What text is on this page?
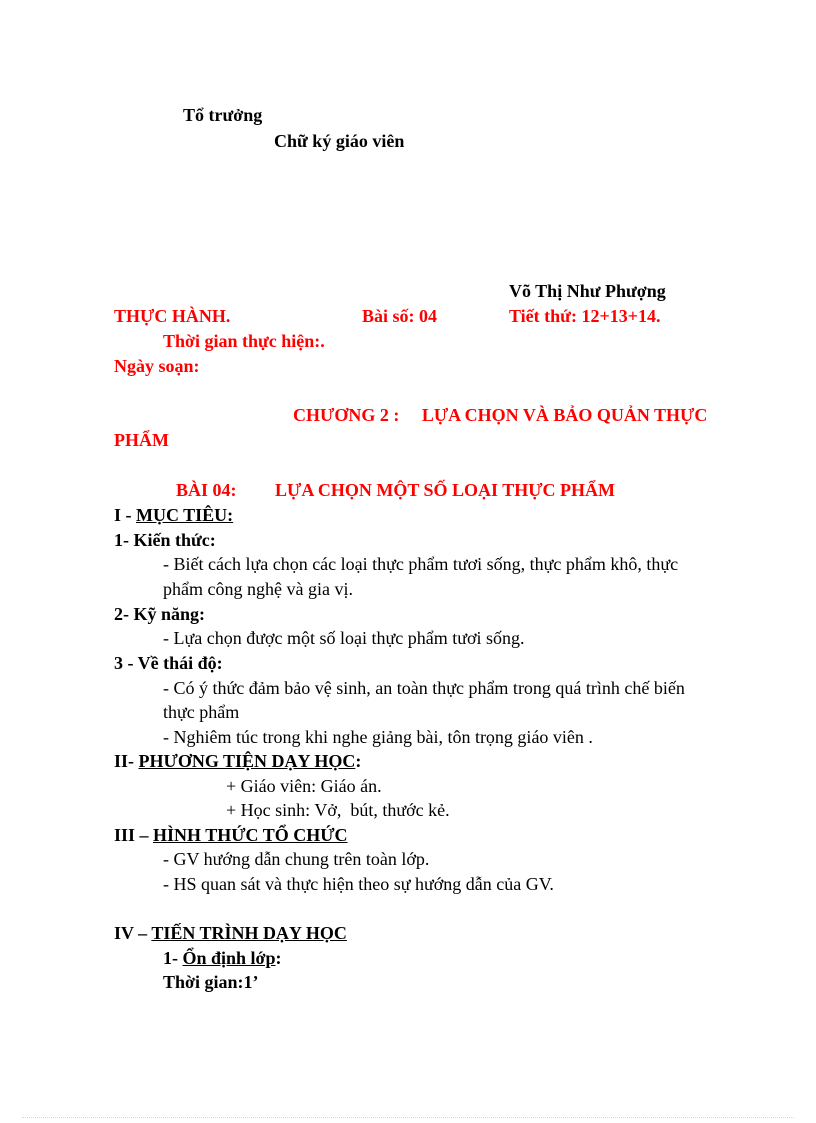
Tổ trưởng
Chữ ký giáo viên
Võ Thị Như Phượng
THỰC HÀNH.	Bài số: 04	Tiết thứ: 12+13+14.
Thời gian thực hiện:.
Ngày soạn:
CHƯƠNG 2 :     LỰA CHỌN VÀ BẢO QUẢN THỰC
PHẨM
BÀI 04: LỰA CHỌN MỘT SỐ LOẠI THỰC PHẨM
I - MỤC TIÊU:
1- Kiến thức:
- Biết cách lựa chọn các loại thực phẩm tươi sống, thực phẩm khô, thực
phẩm công nghệ và gia vị.
2- Kỹ năng:
- Lựa chọn được một số loại thực phẩm tươi sống.
3 - Về thái độ:
- Có ý thức đảm bảo vệ sinh, an toàn thực phẩm trong quá trình chế biến
thực phẩm
- Nghiêm túc trong khi nghe giảng bài, tôn trọng giáo viên .
II- PHƯƠNG TIỆN DẠY HỌC:
+ Giáo viên: Giáo án.
+ Học sinh: Vở,  bút, thước kẻ.
III – HÌNH THỨC TỔ CHỨC
- GV hướng dẫn chung trên toàn lớp.
- HS quan sát và thực hiện theo sự hướng dẫn của GV.
IV – TIẾN TRÌNH DẠY HỌC
1- Ổn định lớp:
Thời gian:1’
